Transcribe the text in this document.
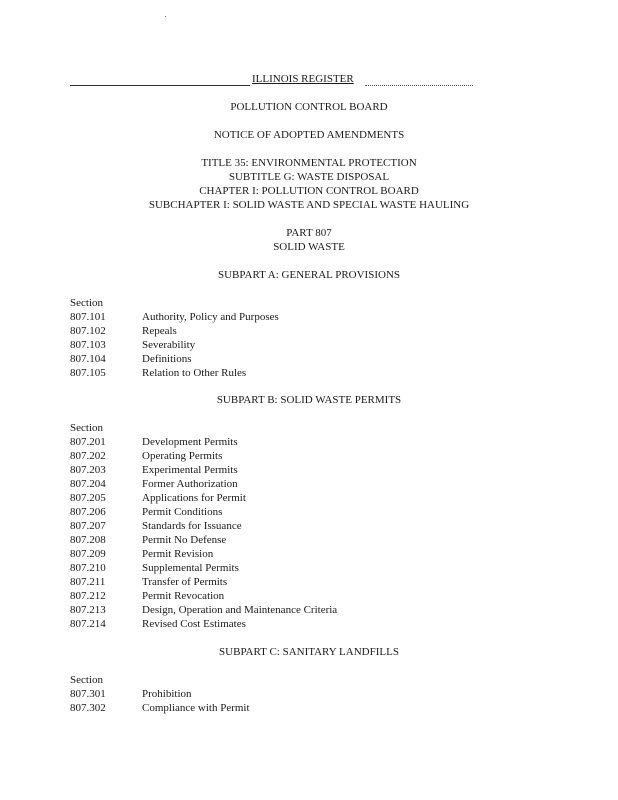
ILLINOIS REGISTER
POLLUTION CONTROL BOARD
NOTICE OF ADOPTED AMENDMENTS
TITLE 35: ENVIRONMENTAL PROTECTION
SUBTITLE G: WASTE DISPOSAL
CHAPTER I: POLLUTION CONTROL BOARD
SUBCHAPTER I: SOLID WASTE AND SPECIAL WASTE HAULING
PART 807
SOLID WASTE
SUBPART A: GENERAL PROVISIONS
Section
807.101	Authority, Policy and Purposes
807.102	Repeals
807.103	Severability
807.104	Definitions
807.105	Relation to Other Rules
SUBPART B: SOLID WASTE PERMITS
Section
807.201	Development Permits
807.202	Operating Permits
807.203	Experimental Permits
807.204	Former Authorization
807.205	Applications for Permit
807.206	Permit Conditions
807.207	Standards for Issuance
807.208	Permit No Defense
807.209	Permit Revision
807.210	Supplemental Permits
807.211	Transfer of Permits
807.212	Permit Revocation
807.213	Design, Operation and Maintenance Criteria
807.214	Revised Cost Estimates
SUBPART C: SANITARY LANDFILLS
Section
807.301	Prohibition
807.302	Compliance with Permit
